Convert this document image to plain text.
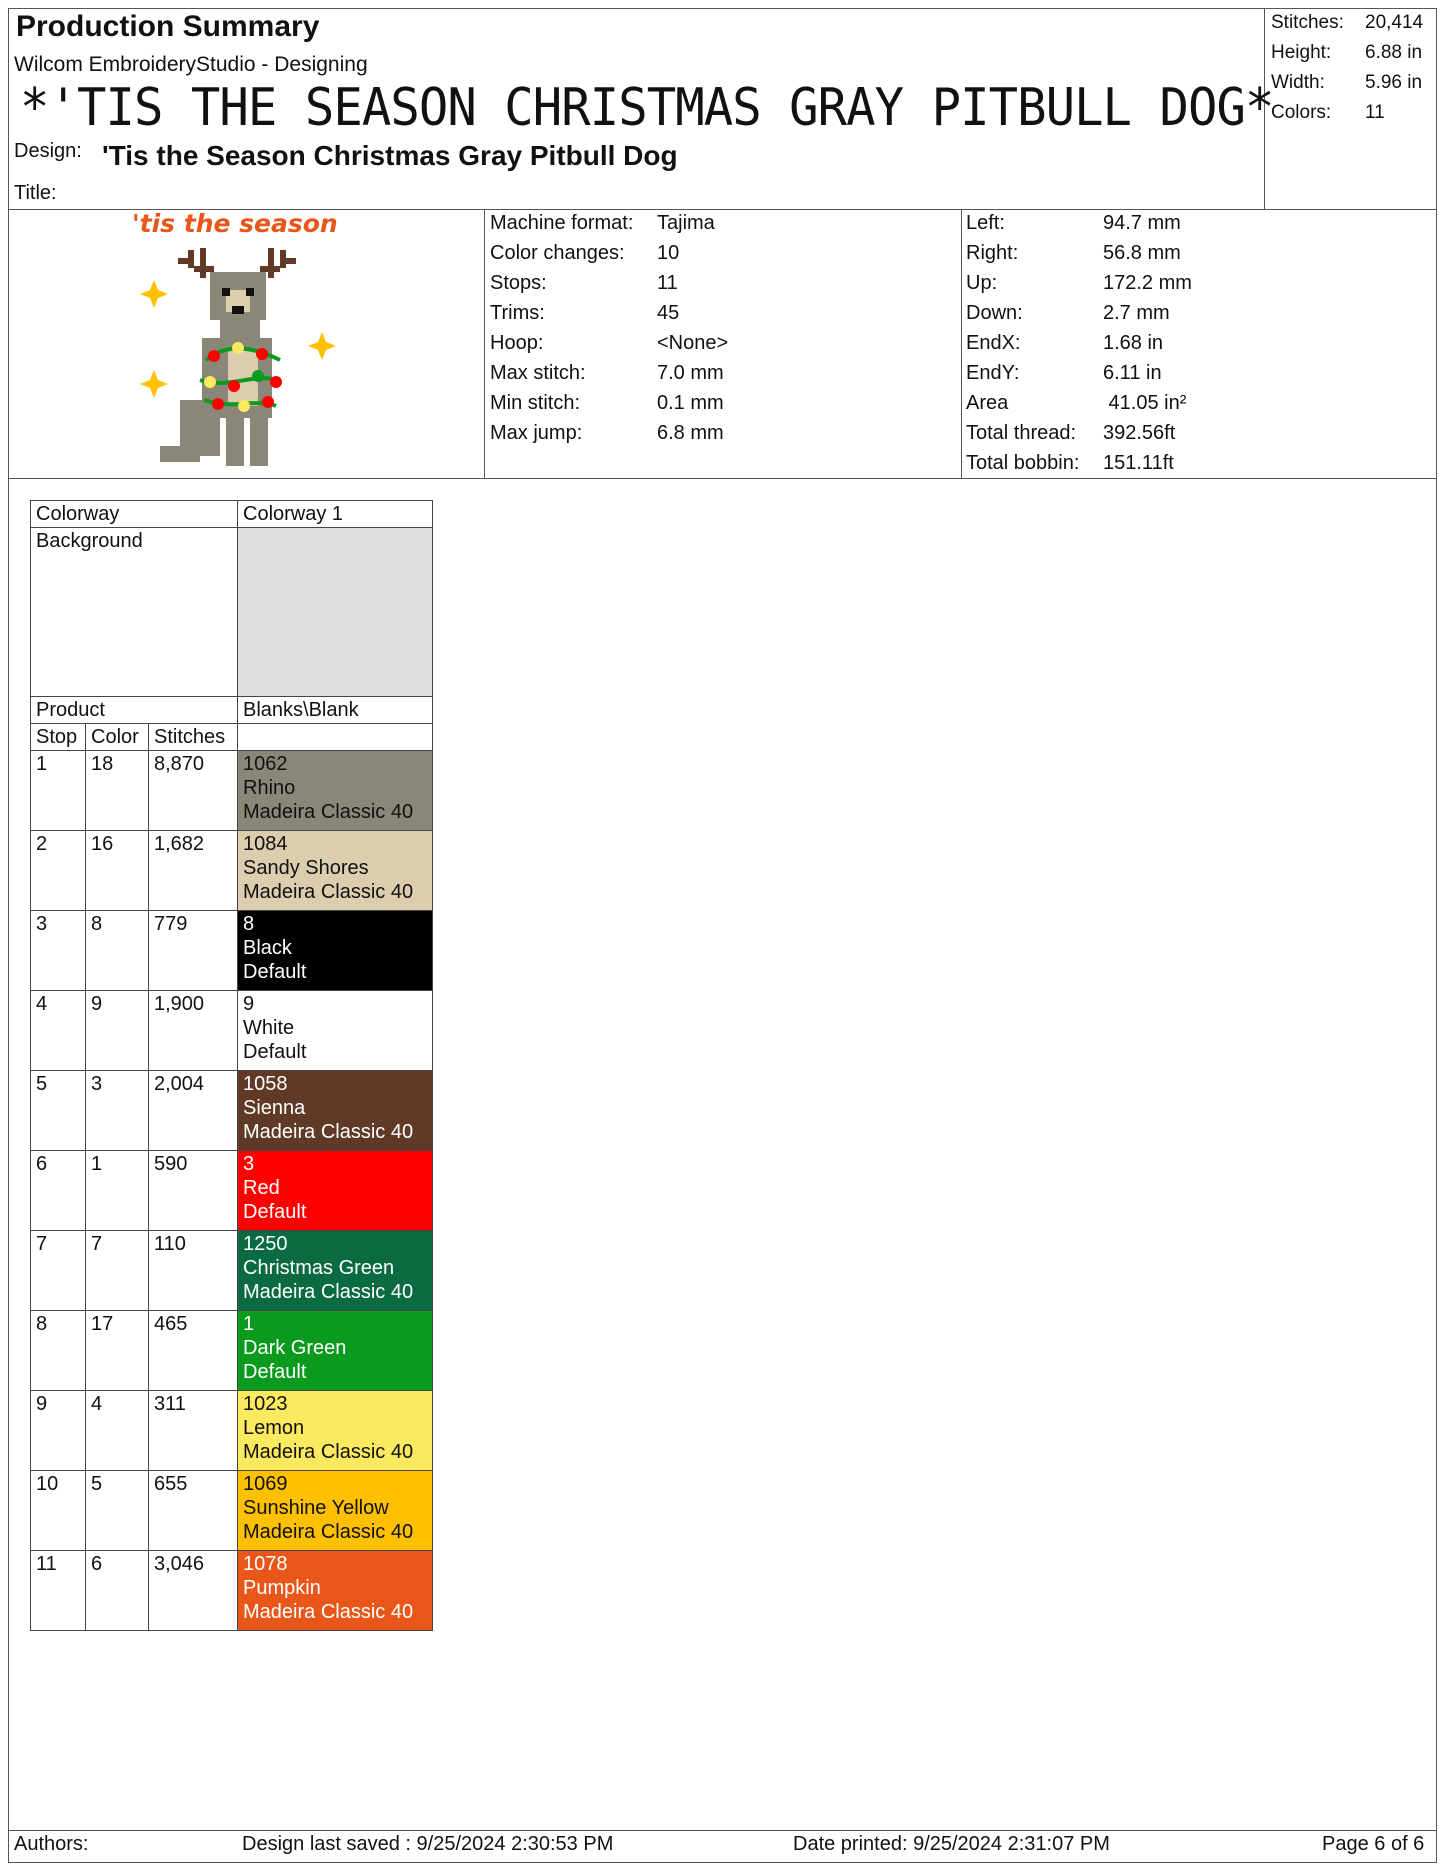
Production Summary
Wilcom EmbroideryStudio - Designing
*'TIS THE SEASON CHRISTMAS GRAY PITBULL DOG*
Design: 'Tis the Season Christmas Gray Pitbull Dog
Title:
Stitches: 20,414
Height: 6.88 in
Width: 5.96 in
Colors: 11
'tis the season	Machine format: Tajima
Color changes: 10
Stops:	11
Trims:	45
Hoop:	<None>
Max stitch:	7.0 mm
Min stitch:	0.1 mm
Max jump:	6.8 mm
Left:	94.7 mm
Right:	56.8 mm
Up:	172.2 mm
Down:	2.7 mm
EndX:	1.68 in
EndY:	6.11 in
Area	41.05 in²
Total thread: 392.56ft
Total bobbin: 151.11ft
Colorway			Colorway 1
Background			
Product			Blanks\Blank
Stop	Color	Stitches	
1	18	8,870	1062
Rhino
Madeira Classic 40

2	16	1,682	1084
Sandy Shores
Madeira Classic 40

3	8	779	8
Black
Default

4	9	1,900	9
White
Default

5	3	2,004	1058
Sienna
Madeira Classic 40

6	1	590	3
Red
Default

7	7	110	1250
Christmas Green
Madeira Classic 40

8	17	465	1
Dark Green
Default

9	4	311	1023
Lemon
Madeira Classic 40

10	5	655	1069
Sunshine Yellow
Madeira Classic 40

11	6	3,046	1078
Pumpkin
Madeira Classic 40
Authors:	Design last saved : 9/25/2024 2:30:53 PM	Date printed: 9/25/2024 2:31:07 PM	Page 6 of 6
